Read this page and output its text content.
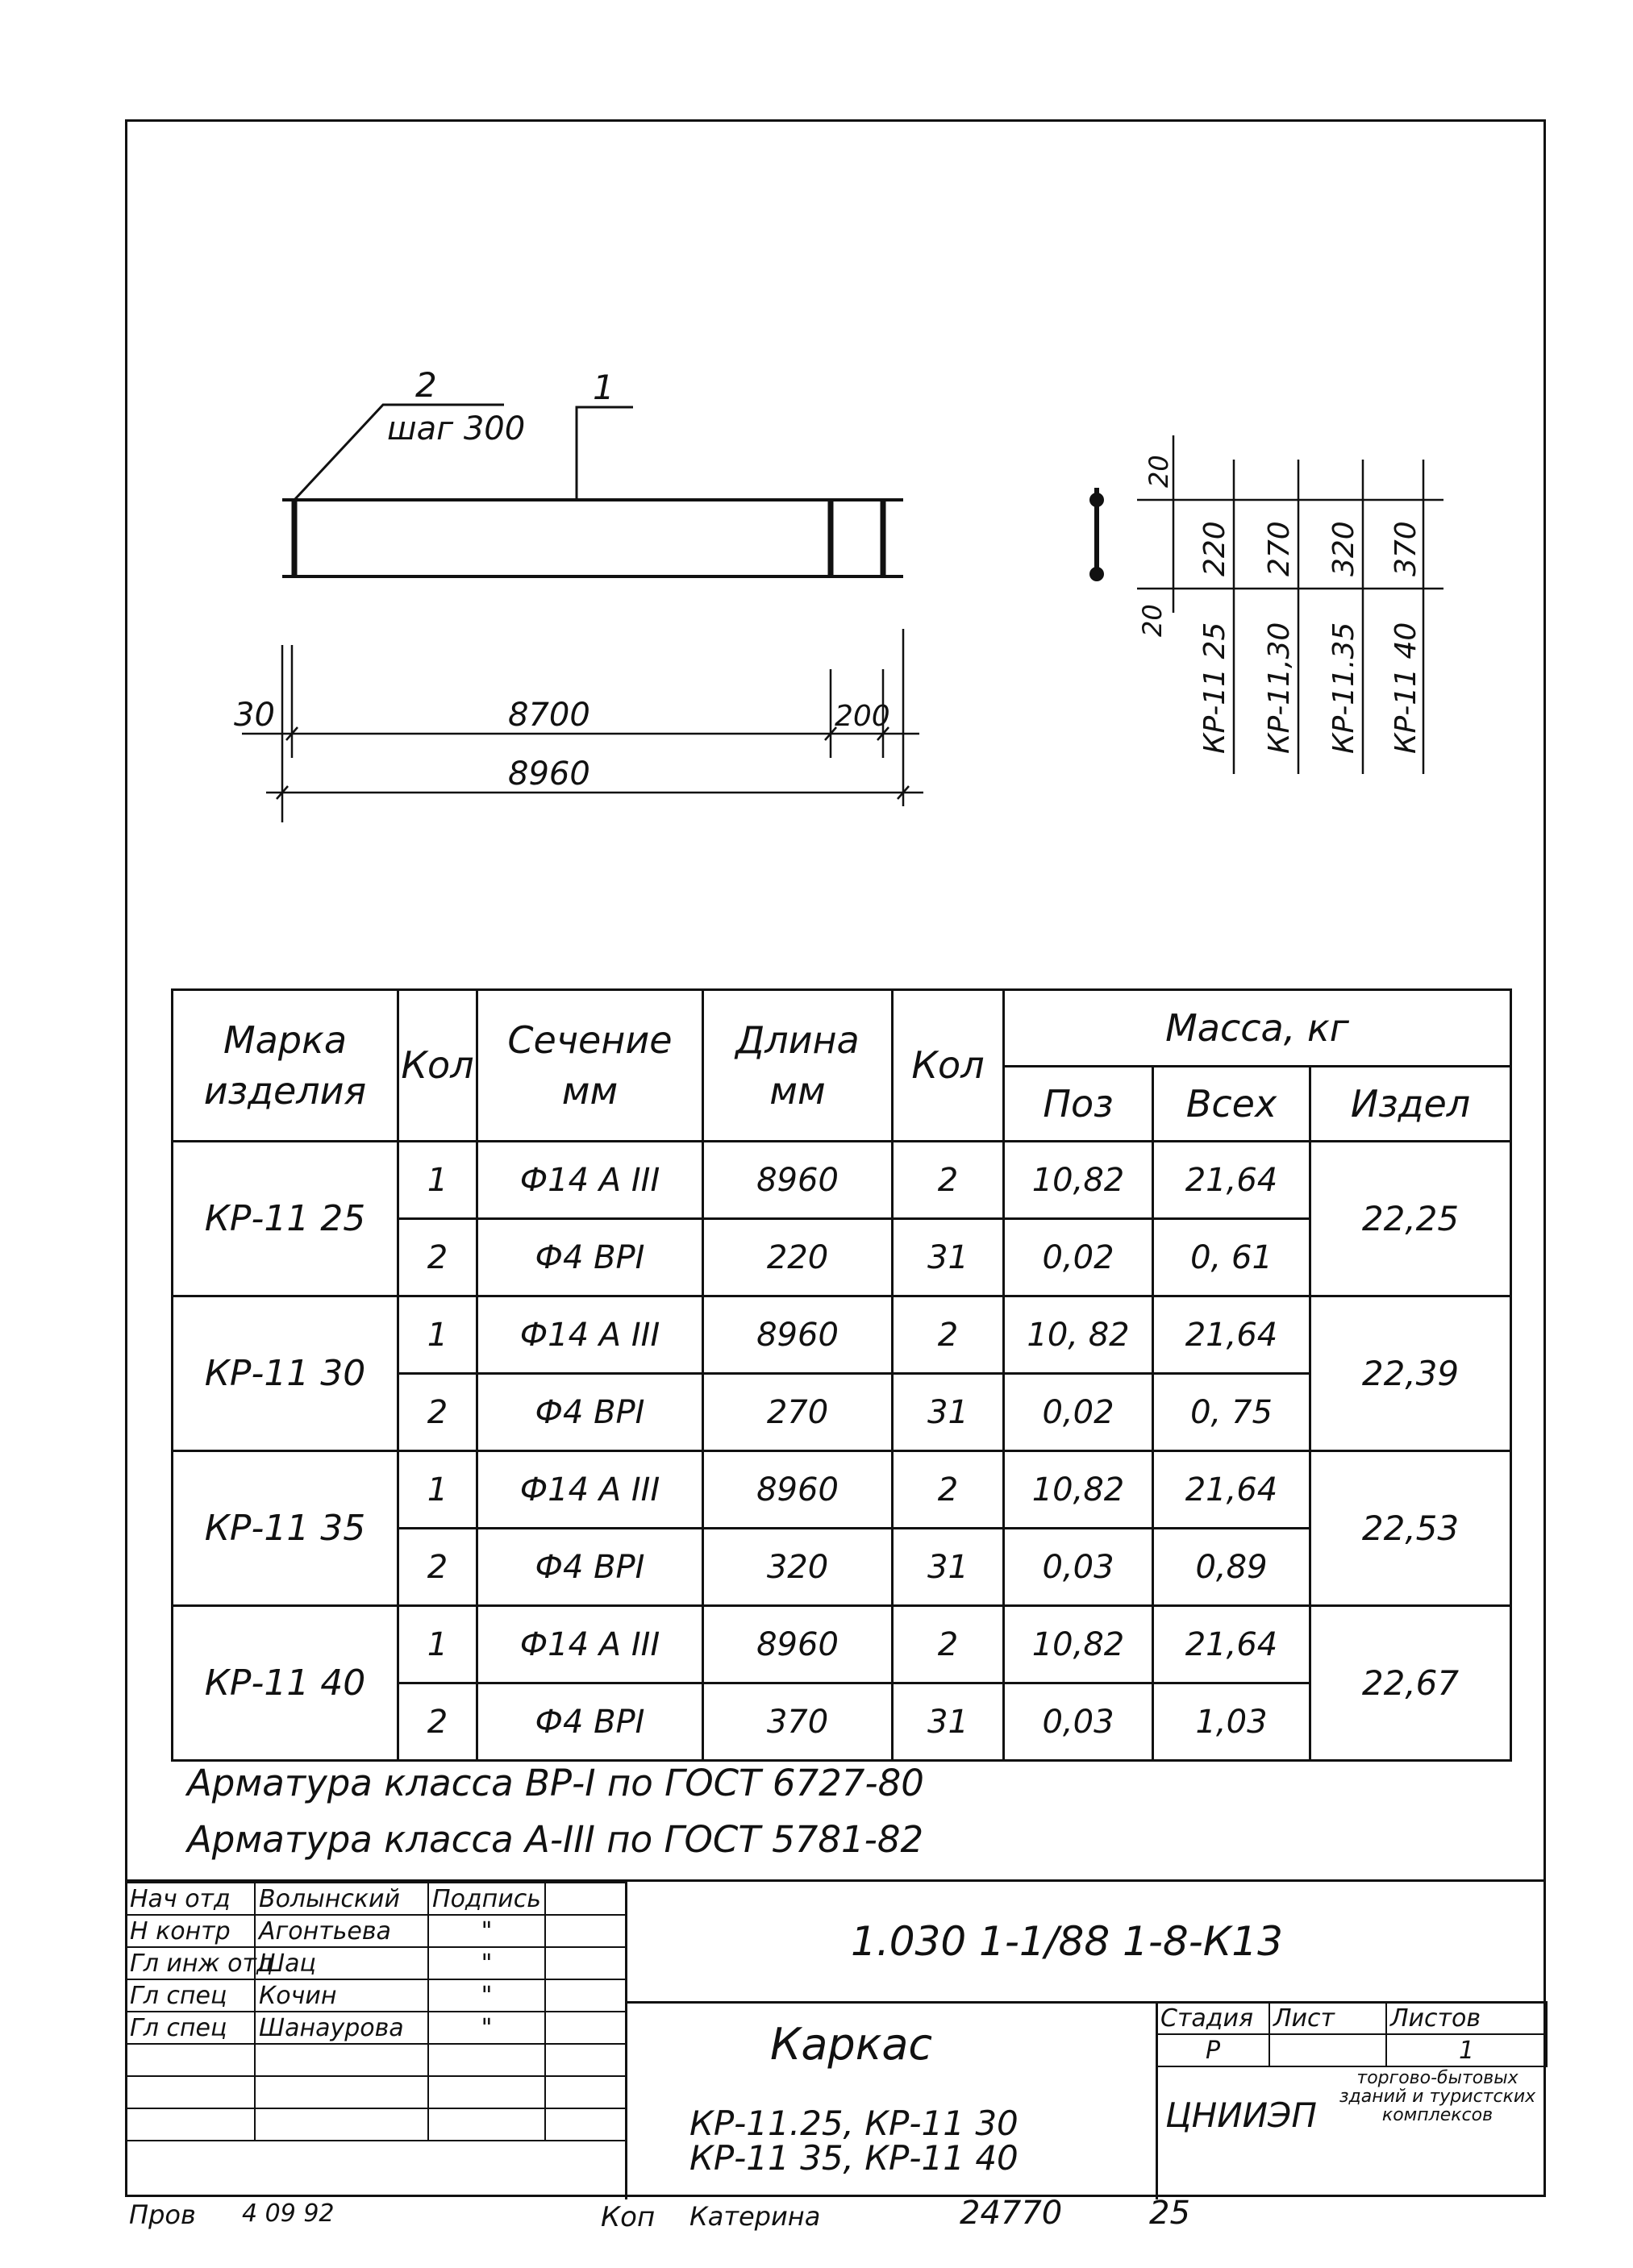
2
шаг 300
1
30	8700	200
8960
20
20
220 270 320 370
КР-11 25 КР-11,30 КР-11.35 КР-11 40
Марка изделия	Кол	Сечение мм	Длина мм	Кол	Масса, кг		
					Поз	Всех	Издел
КР-11 25	1	Ф14 А III	8960	2	10,82	21,64	22,25
	2	Ф4 ВРI	220	31	0,02	0, 61	
КР-11 30	1	Ф14 А III	8960	2	10, 82	21,64	22,39
	2	Ф4 ВРI	270	31	0,02	0, 75	
КР-11 35	1	Ф14 А III	8960	2	10,82	21,64	22,53
	2	Ф4 ВРI	320	31	0,03	0,89	
КР-11 40	1	Ф14 А III	8960	2	10,82	21,64	22,67
	2	Ф4 ВРI	370	31	0,03	1,03	
Арматура класса ВР-I по ГОСТ 6727-80
Арматура класса А-III по ГОСТ 5781-82
Нач отд	Волынский	Подпись	
Н контр	Агонтьева	"	
Гл инж отд	Шац	"	
Гл спец	Кочин	"	
Гл спец	Шанаурова	"	

1.030 1-1/88 1-8-К13
Каркас
КР-11.25, КР-11 30
КР-11 35, КР-11 40
Стадия	Лист	Листов
Р		1
ЦНИИЭП
торгово-бытовых зданий и туристских комплексов
Пров 4 09 92	Коп Катерина	24770	25
